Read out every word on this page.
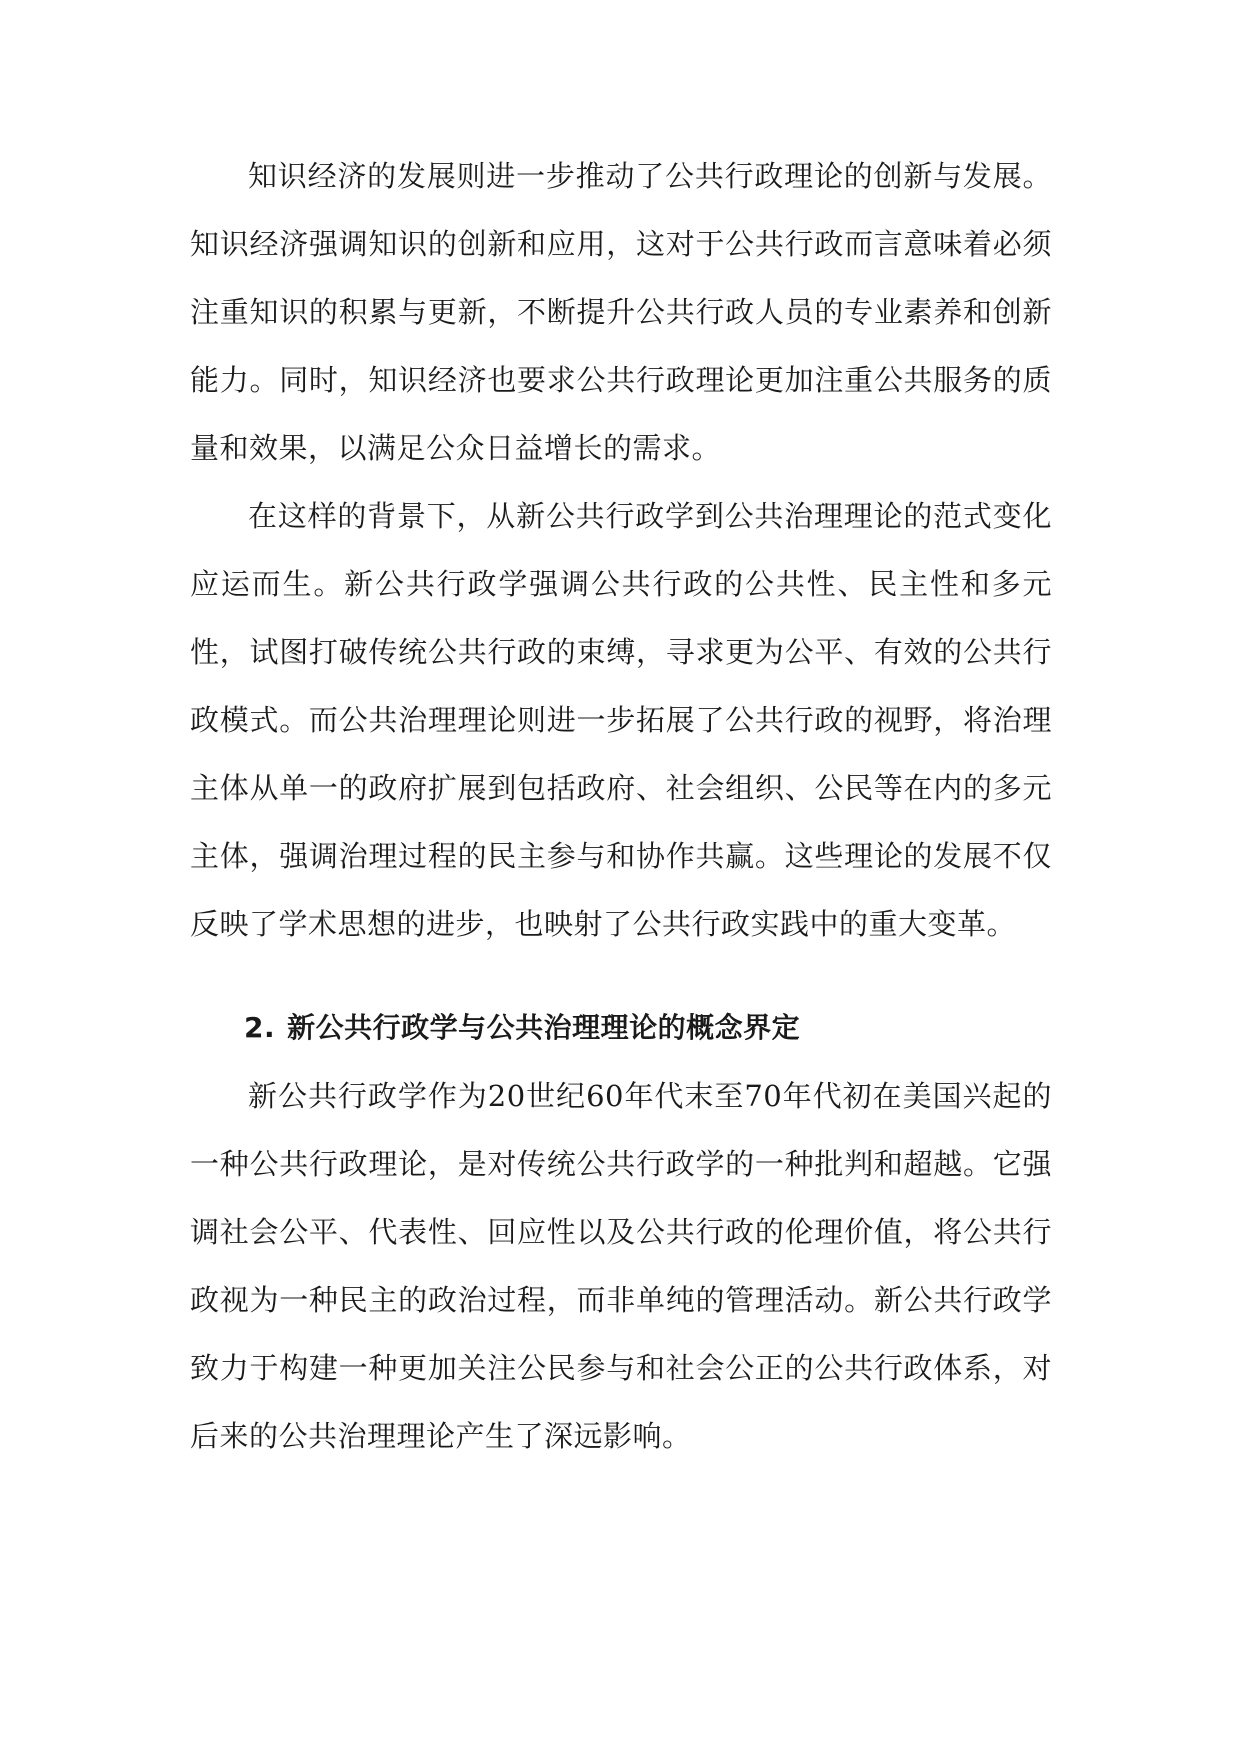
知识经济的发展则进一步推动了公共行政理论的创新与发展。知识经济强调知识的创新和应用，这对于公共行政而言意味着必须注重知识的积累与更新，不断提升公共行政人员的专业素养和创新能力。同时，知识经济也要求公共行政理论更加注重公共服务的质量和效果，以满足公众日益增长的需求。

在这样的背景下，从新公共行政学到公共治理理论的范式变化应运而生。新公共行政学强调公共行政的公共性、民主性和多元性，试图打破传统公共行政的束缚，寻求更为公平、有效的公共行政模式。而公共治理理论则进一步拓展了公共行政的视野，将治理主体从单一的政府扩展到包括政府、社会组织、公民等在内的多元主体，强调治理过程的民主参与和协作共赢。这些理论的发展不仅反映了学术思想的进步，也映射了公共行政实践中的重大变革。

2. 新公共行政学与公共治理理论的概念界定

新公共行政学作为20世纪60年代末至70年代初在美国兴起的一种公共行政理论，是对传统公共行政学的一种批判和超越。它强调社会公平、代表性、回应性以及公共行政的伦理价值，将公共行政视为一种民主的政治过程，而非单纯的管理活动。新公共行政学致力于构建一种更加关注公民参与和社会公正的公共行政体系，对后来的公共治理理论产生了深远影响。
